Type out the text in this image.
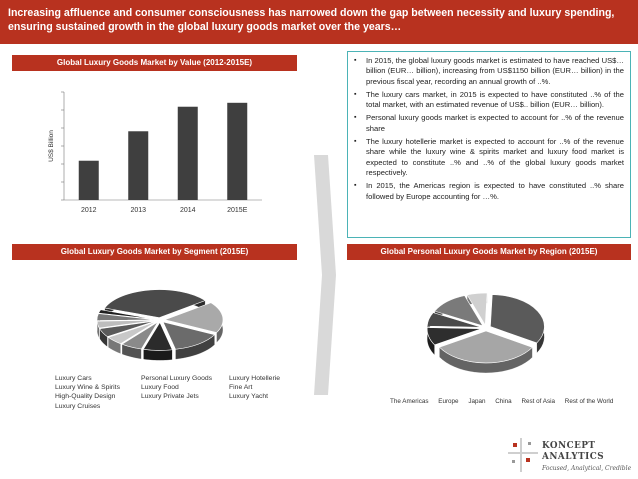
Increasing affluence and consumer consciousness has narrowed down the gap between necessity and luxury spending,
ensuring sustained growth in the global luxury goods market over the years…
Global Luxury Goods Market by Value (2012-2015E)
Global Luxury Goods Market by Segment (2015E)	Global Personal Luxury Goods Market by Region (2015E)
US$ Billion
2012	2013	2014	2015E
▪ In 2015, the global luxury goods market is estimated to have reached US$… billion (EUR… billion), increasing from US$1150 billion (EUR… billion) in the previous fiscal year, recording an annual growth of ..%.
▪ The luxury cars market, in 2015 is expected to have constituted ..% of the total market, with an estimated revenue of US$.. billion (EUR… billion).
▪ Personal luxury goods market is expected to account for ..% of the revenue share
▪ The luxury hotellerie market is expected to account for ..% of the revenue share while the luxury wine & spirits market and luxury food market is expected to constitute ..% and ..% of the global luxury goods market respectively.
▪ In 2015, the Americas region is expected to have constituted ..% share followed by Europe accounting for …%.
Luxury Cars	Personal Luxury Goods	Luxury Hotellerie
Luxury Wine & Spirits	Luxury Food	Fine Art
High-Quality Design	Luxury Private Jets	Luxury Yacht
Luxury Cruises
The Americas Europe Japan China Rest of Asia Rest of the World
KONCEPT
ANALYTICS
Focused, Analytical, Credible
